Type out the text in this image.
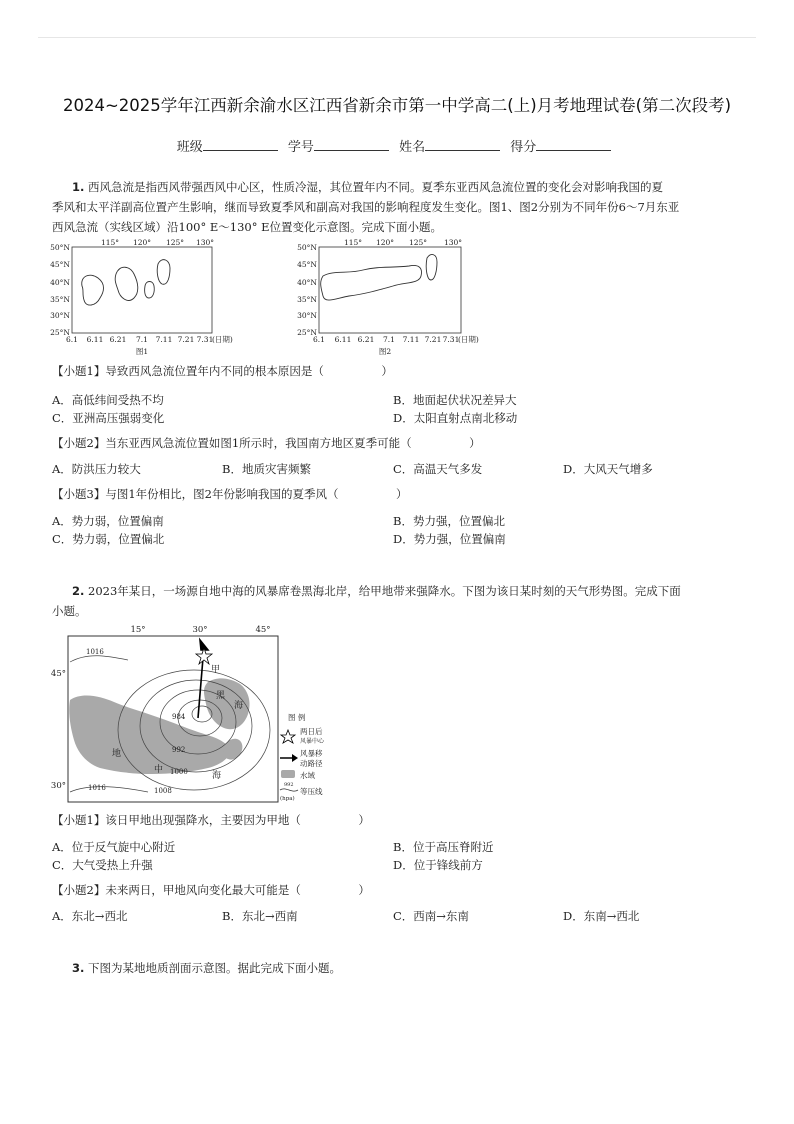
2024~2025学年江西新余渝水区江西省新余市第一中学高二(上)月考地理试卷(第二次段考)
班级	学号	姓名	得分
1. 西风急流是指西风带强西风中心区，性质冷湿，其位置年内不同。夏季东亚西风急流位置的变化会对影响我国的夏
季风和太平洋副高位置产生影响，继而导致夏季风和副高对我国的影响程度发生变化。图1、图2分别为不同年份6～7月东亚
西风急流（实线区域）沿100° E～130° E位置变化示意图。完成下面小题。
115° 120° 125° 130°
50°N
45°N
40°N
35°N
30°N
25°N
6.1 6.11 6.21 7.1 7.11 7.21 7.31
(日期)
图1
115° 120° 125° 130°
50°N
45°N
40°N
35°N
30°N
25°N
6.1 6.11 6.21 7.1 7.11 7.21 7.31
(日期)
图2
【小题1】导致西风急流位置年内不同的根本原因是（　　　　　）
A．高低纬间受热不均	B．地面起伏状况差异大
C．亚洲高压强弱变化	D．太阳直射点南北移动
【小题2】当东亚西风急流位置如图1所示时，我国南方地区夏季可能（　　　　　）
A．防洪压力较大	B．地质灾害频繁	C．高温天气多发	D．大风天气增多
【小题3】与图1年份相比，图2年份影响我国的夏季风（　　　　　）
A．势力弱，位置偏南	B．势力强，位置偏北
C．势力弱，位置偏北	D．势力强，位置偏南
2. 2023年某日，一场源自地中海的风暴席卷黑海北岸，给甲地带来强降水。下图为该日某时刻的天气形势图。完成下面
小题。
15°	30°	45°
45°
30°
甲
黑
海
地
中
海
1016
984
992
1000
1008
1016
图 例
两日后
风暴中心
风暴移
动路径
水域
992
(hpa)
等压线
【小题1】该日甲地出现强降水，主要因为甲地（　　　　　）
A．位于反气旋中心附近	B．位于高压脊附近
C．大气受热上升强	D．位于锋线前方
【小题2】未来两日，甲地风向变化最大可能是（　　　　　）
A．东北→西北	B．东北→西南	C．西南→东南	D．东南→西北
3. 下图为某地地质剖面示意图。据此完成下面小题。
